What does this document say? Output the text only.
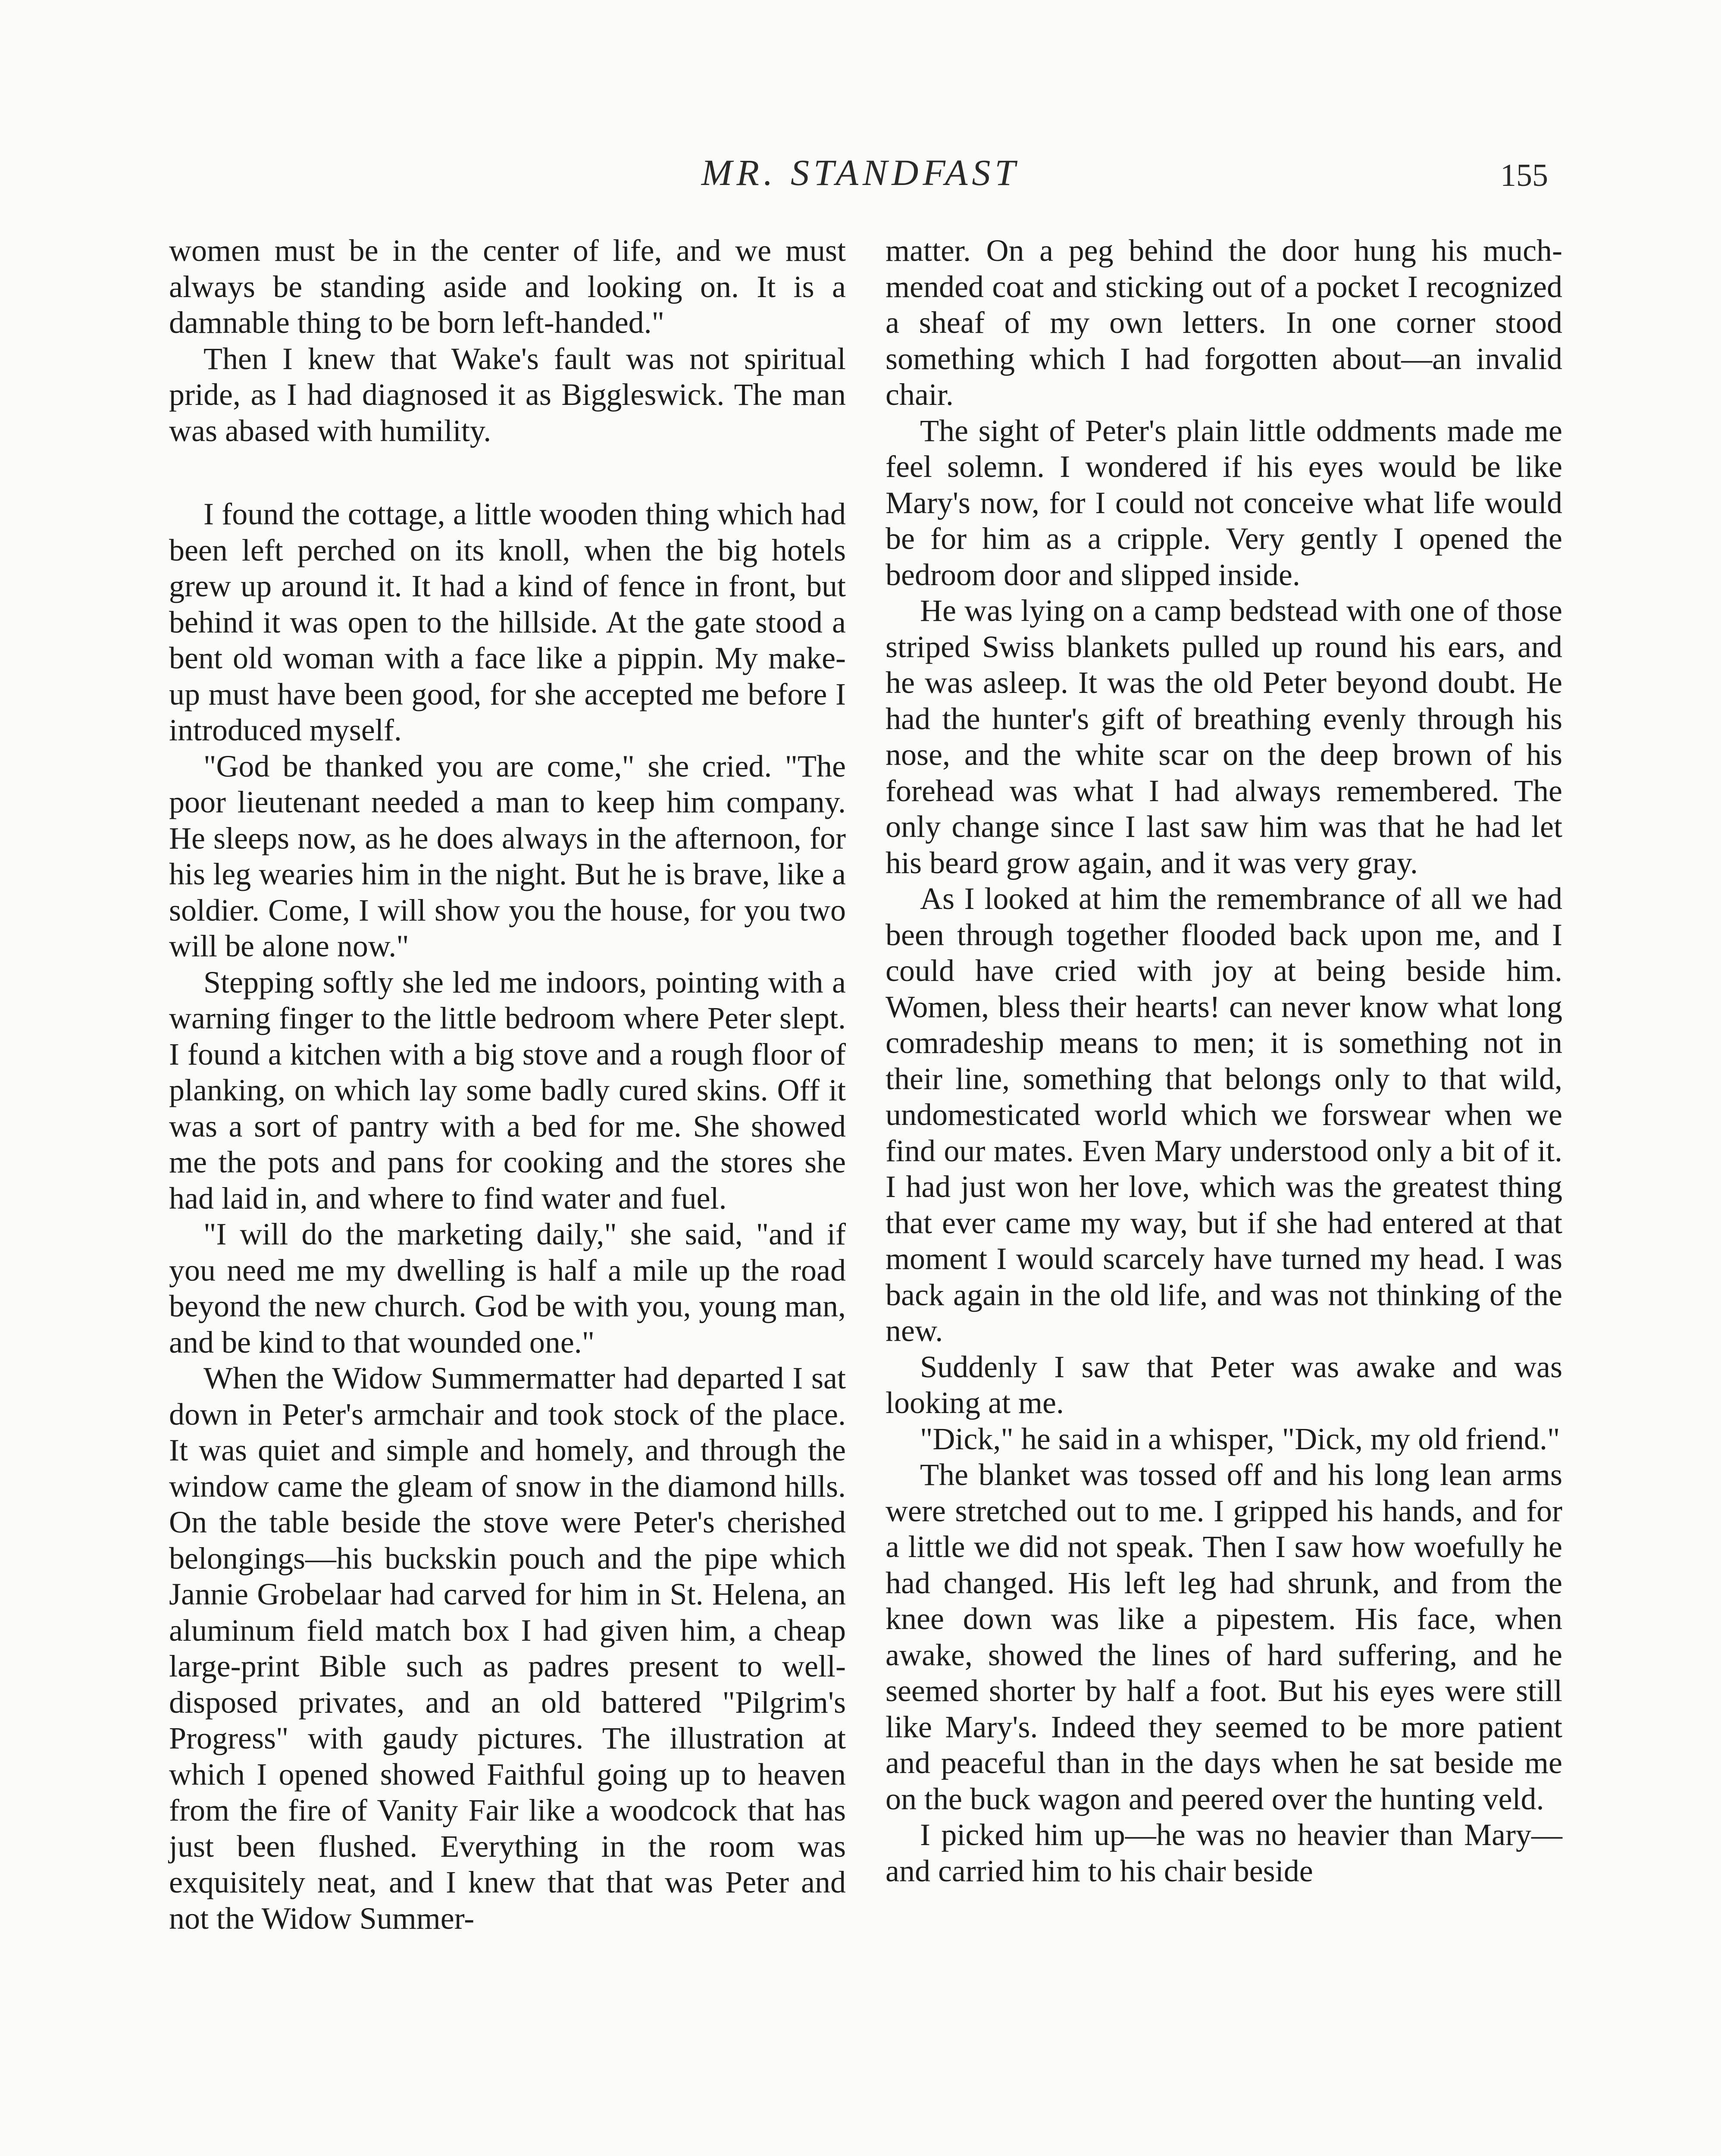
MR. STANDFAST	155

women must be in the center of life, and we must always be standing aside and looking on. It is a damnable thing to be born left-handed."

Then I knew that Wake's fault was not spiritual pride, as I had diagnosed it as Biggleswick. The man was abased with humility.

I found the cottage, a little wooden thing which had been left perched on its knoll, when the big hotels grew up around it. It had a kind of fence in front, but behind it was open to the hillside. At the gate stood a bent old woman with a face like a pippin. My make-up must have been good, for she accepted me before I introduced myself.

"God be thanked you are come," she cried. "The poor lieutenant needed a man to keep him company. He sleeps now, as he does always in the afternoon, for his leg wearies him in the night. But he is brave, like a soldier. Come, I will show you the house, for you two will be alone now."

Stepping softly she led me indoors, pointing with a warning finger to the little bedroom where Peter slept. I found a kitchen with a big stove and a rough floor of planking, on which lay some badly cured skins. Off it was a sort of pantry with a bed for me. She showed me the pots and pans for cooking and the stores she had laid in, and where to find water and fuel.

"I will do the marketing daily," she said, "and if you need me my dwelling is half a mile up the road beyond the new church. God be with you, young man, and be kind to that wounded one."

When the Widow Summermatter had departed I sat down in Peter's armchair and took stock of the place. It was quiet and simple and homely, and through the window came the gleam of snow in the diamond hills. On the table beside the stove were Peter's cherished belongings—his buckskin pouch and the pipe which Jannie Grobelaar had carved for him in St. Helena, an aluminum field match box I had given him, a cheap large-print Bible such as padres present to well-disposed privates, and an old battered "Pilgrim's Progress" with gaudy pictures. The illustration at which I opened showed Faithful going up to heaven from the fire of Vanity Fair like a woodcock that has just been flushed. Everything in the room was exquisitely neat, and I knew that that was Peter and not the Widow Summer-

matter. On a peg behind the door hung his much-mended coat and sticking out of a pocket I recognized a sheaf of my own letters. In one corner stood something which I had forgotten about—an invalid chair.

The sight of Peter's plain little oddments made me feel solemn. I wondered if his eyes would be like Mary's now, for I could not conceive what life would be for him as a cripple. Very gently I opened the bedroom door and slipped inside.

He was lying on a camp bedstead with one of those striped Swiss blankets pulled up round his ears, and he was asleep. It was the old Peter beyond doubt. He had the hunter's gift of breathing evenly through his nose, and the white scar on the deep brown of his forehead was what I had always remembered. The only change since I last saw him was that he had let his beard grow again, and it was very gray.

As I looked at him the remembrance of all we had been through together flooded back upon me, and I could have cried with joy at being beside him. Women, bless their hearts! can never know what long comradeship means to men; it is something not in their line, something that belongs only to that wild, undomesticated world which we forswear when we find our mates. Even Mary understood only a bit of it. I had just won her love, which was the greatest thing that ever came my way, but if she had entered at that moment I would scarcely have turned my head. I was back again in the old life, and was not thinking of the new.

Suddenly I saw that Peter was awake and was looking at me.

"Dick," he said in a whisper, "Dick, my old friend."

The blanket was tossed off and his long lean arms were stretched out to me. I gripped his hands, and for a little we did not speak. Then I saw how woefully he had changed. His left leg had shrunk, and from the knee down was like a pipestem. His face, when awake, showed the lines of hard suffering, and he seemed shorter by half a foot. But his eyes were still like Mary's. Indeed they seemed to be more patient and peaceful than in the days when he sat beside me on the buck wagon and peered over the hunting veld.

I picked him up—he was no heavier than Mary—and carried him to his chair beside
